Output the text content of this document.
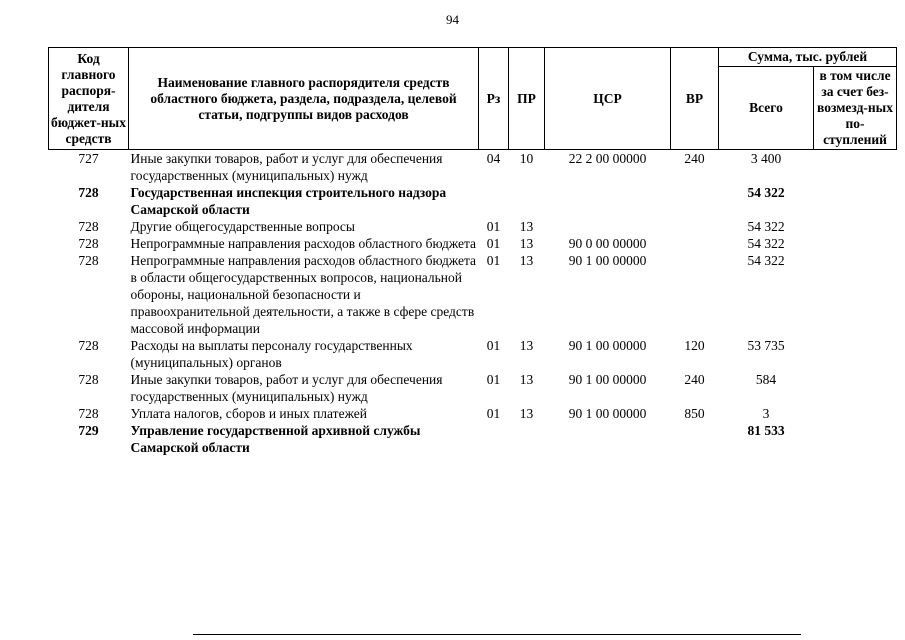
94
Код главного распоря-дителя бюджет-ных средств	Наименование главного распорядителя средств областного бюджета, раздела, подраздела, целевой статьи, подгруппы видов расходов	Рз	ПР	ЦСР	ВР	Сумма, тыс. рублей	
						Всего	в том числе за счет без-возмезд-ных по-ступлений
727	Иные закупки товаров, работ и услуг для обеспечения государственных (муниципальных) нужд	04	10	22 2 00 00000	240	3 400	
728	Государственная инспекция строительного надзора Самарской области					54 322	
728	Другие общегосударственные вопросы	01	13			54 322	
728	Непрограммные направления расходов областного бюджета	01	13	90 0 00 00000		54 322	
728	Непрограммные направления расходов областного бюджета в области общегосударственных вопросов, национальной обороны, национальной безопасности и правоохранительной деятельности, а также в сфере средств массовой информации	01	13	90 1 00 00000		54 322	
728	Расходы на выплаты персоналу государственных (муниципальных) органов	01	13	90 1 00 00000	120	53 735	
728	Иные закупки товаров, работ и услуг для обеспечения государственных (муниципальных) нужд	01	13	90 1 00 00000	240	584	
728	Уплата налогов, сборов и иных платежей	01	13	90 1 00 00000	850	3	
729	Управление государственной архивной службы Самарской области					81 533	
